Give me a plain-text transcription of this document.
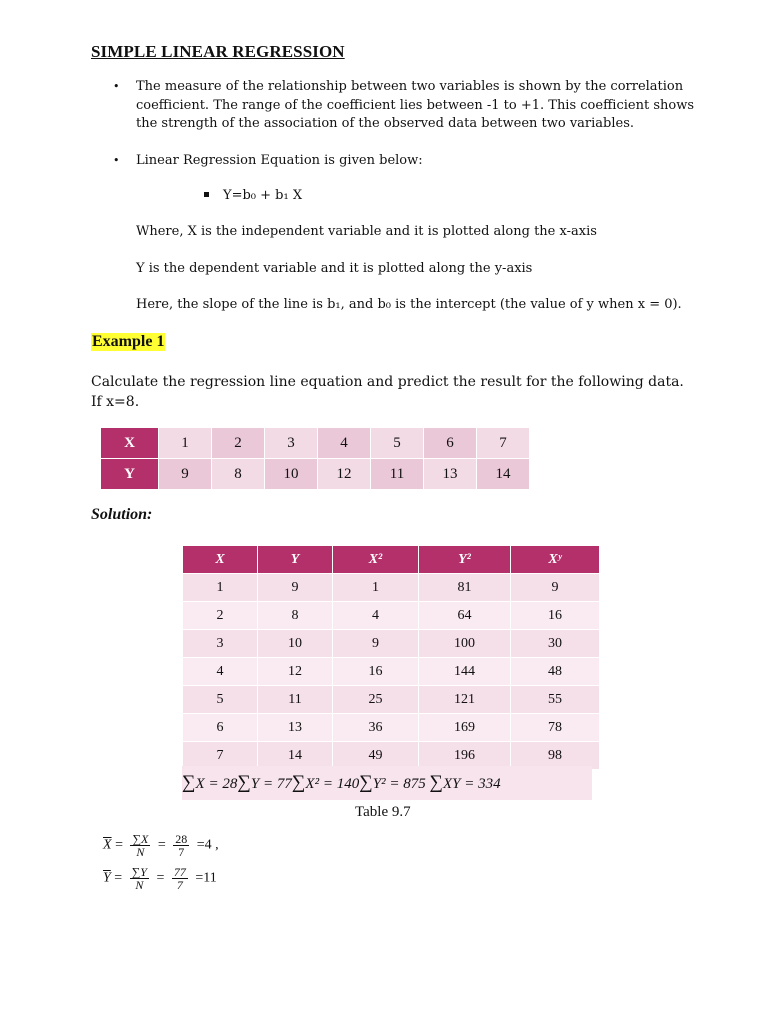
SIMPLE LINEAR REGRESSION
• The measure of the relationship between two variables is shown by the correlation
coefficient. The range of the coefficient lies between -1 to +1. This coefficient shows
the strength of the association of the observed data between two variables.
• Linear Regression Equation is given below:
Y=b₀ + b₁ X
Where, X is the independent variable and it is plotted along the x-axis
Y is the dependent variable and it is plotted along the y-axis
Here, the slope of the line is b₁, and b₀ is the intercept (the value of y when x = 0).
Example 1
Calculate the regression line equation and predict the result for the following data. If x=8.
X	1	2	3	4	5	6	7
Y	9	8	10	12	11	13	14
Solution:
X	Y	X²	Y²	Xʸ
1	9	1	81	9
2	8	4	64	16
3	10	9	100	30
4	12	16	144	48
5	11	25	121	55
6	13	36	169	78
7	14	49	196	98
∑X = 28∑Y = 77∑X² = 140∑Y² = 875 ∑XY = 334
Table 9.7
$\overline{X} = \frac{\sum X}{N} = \frac{28}{7} =4$ ,
$\overline{Y} = \frac{\sum Y}{N} = \frac{77}{7} =11$
